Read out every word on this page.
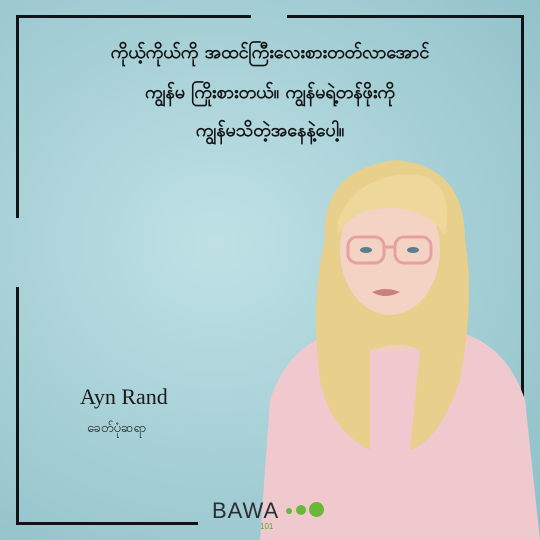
ကိုယ့်ကိုယ်ကို အထင်ကြီးလေးစားတတ်လာအောင်
ကျွန်မ ကြိုးစားတယ်။ ကျွန်မရဲ့တန်ဖိုးကို
ကျွန်မသိတဲ့အနေနဲ့ပေါ့။
Ayn Rand
ခေတ်ပုံဆရာ
BAWA
101
